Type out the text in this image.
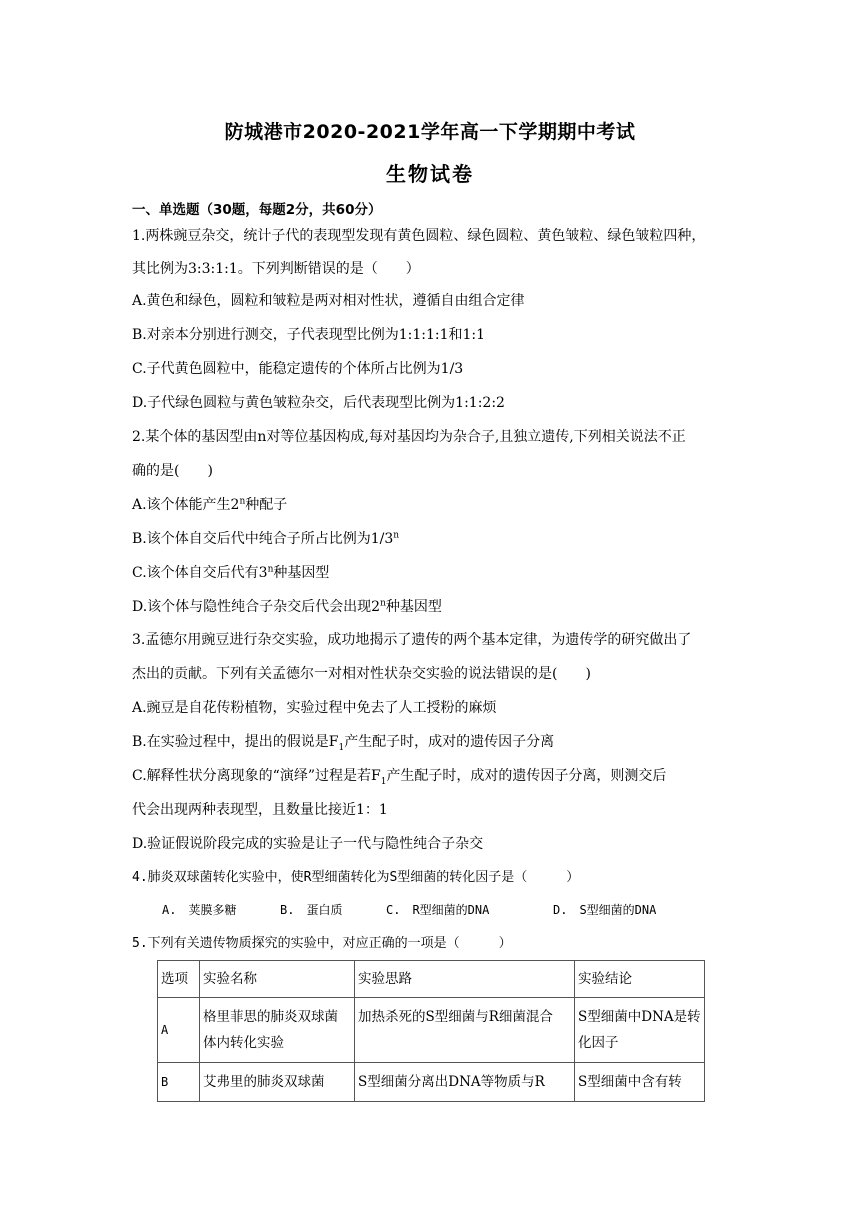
防城港市2020-2021学年高一下学期期中考试
生物试卷
一、单选题（30题，每题2分，共60分）
1.两株豌豆杂交，统计子代的表现型发现有黄色圆粒、绿色圆粒、黄色皱粒、绿色皱粒四种，
其比例为3:3:1:1。下列判断错误的是（　　）
A.黄色和绿色，圆粒和皱粒是两对相对性状，遵循自由组合定律
B.对亲本分别进行测交，子代表现型比例为1:1:1:1和1:1
C.子代黄色圆粒中，能稳定遗传的个体所占比例为1/3
D.子代绿色圆粒与黄色皱粒杂交，后代表现型比例为1:1:2:2
2.某个体的基因型由n对等位基因构成,每对基因均为杂合子,且独立遗传,下列相关说法不正
确的是(　　)
A.该个体能产生2$^n$种配子
B.该个体自交后代中纯合子所占比例为1/3$^n$
C.该个体自交后代有3$^n$种基因型
D.该个体与隐性纯合子杂交后代会出现2$^n$种基因型
3.孟德尔用豌豆进行杂交实验，成功地揭示了遗传的两个基本定律，为遗传学的研究做出了
杰出的贡献。下列有关孟德尔一对相对性状杂交实验的说法错误的是(　　)
A.豌豆是自花传粉植物，实验过程中免去了人工授粉的麻烦
B.在实验过程中，提出的假说是$F_1$产生配子时，成对的遗传因子分离
C.解释性状分离现象的“演绎”过程是若$F_1$产生配子时，成对的遗传因子分离，则测交后
代会出现两种表现型，且数量比接近1：1
D.验证假说阶段完成的实验是让子一代与隐性纯合子杂交
4.肺炎双球菌转化实验中，使R型细菌转化为S型细菌的转化因子是（　　　）
A.　荚膜多糖	B.　蛋白质	C.　R型细菌的DNA	D.　S型细菌的DNA
5.下列有关遗传物质探究的实验中，对应正确的一项是（　　　）
选项	实验名称	实验思路	实验结论
A	格里菲思的肺炎双球菌体内转化实验	加热杀死的S型细菌与R细菌混合	S型细菌中DNA是转化因子
B	艾弗里的肺炎双球菌	S型细菌分离出DNA等物质与R	S型细菌中含有转
